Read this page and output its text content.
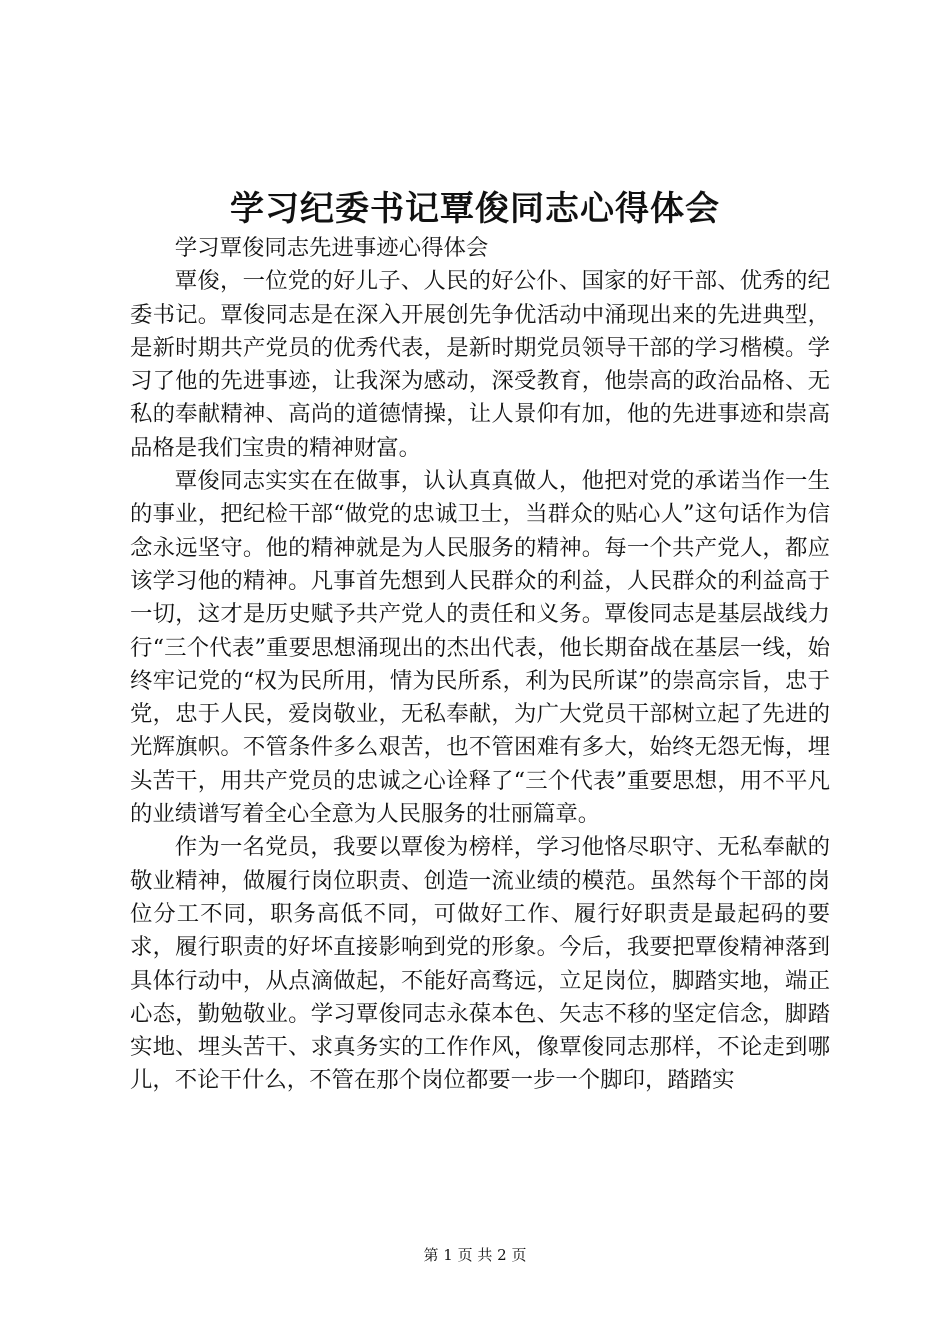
学习纪委书记覃俊同志心得体会

学习覃俊同志先进事迹心得体会

覃俊，一位党的好儿子、人民的好公仆、国家的好干部、优秀的纪委书记。覃俊同志是在深入开展创先争优活动中涌现出来的先进典型，是新时期共产党员的优秀代表，是新时期党员领导干部的学习楷模。学习了他的先进事迹，让我深为感动，深受教育，他崇高的政治品格、无私的奉献精神、高尚的道德情操，让人景仰有加，他的先进事迹和崇高品格是我们宝贵的精神财富。

覃俊同志实实在在做事，认认真真做人，他把对党的承诺当作一生的事业，把纪检干部“做党的忠诚卫士，当群众的贴心人”这句话作为信念永远坚守。他的精神就是为人民服务的精神。每一个共产党人，都应该学习他的精神。凡事首先想到人民群众的利益，人民群众的利益高于一切，这才是历史赋予共产党人的责任和义务。覃俊同志是基层战线力行“三个代表”重要思想涌现出的杰出代表，他长期奋战在基层一线，始终牢记党的“权为民所用，情为民所系，利为民所谋”的崇高宗旨，忠于党，忠于人民，爱岗敬业，无私奉献，为广大党员干部树立起了先进的光辉旗帜。不管条件多么艰苦，也不管困难有多大，始终无怨无悔，埋头苦干，用共产党员的忠诚之心诠释了“三个代表”重要思想，用不平凡的业绩谱写着全心全意为人民服务的壮丽篇章。

作为一名党员，我要以覃俊为榜样，学习他恪尽职守、无私奉献的敬业精神，做履行岗位职责、创造一流业绩的模范。虽然每个干部的岗位分工不同，职务高低不同，可做好工作、履行好职责是最起码的要求，履行职责的好坏直接影响到党的形象。今后，我要把覃俊精神落到具体行动中，从点滴做起，不能好高骛远，立足岗位，脚踏实地，端正心态，勤勉敬业。学习覃俊同志永葆本色、矢志不移的坚定信念，脚踏实地、埋头苦干、求真务实的工作作风，像覃俊同志那样，不论走到哪儿，不论干什么，不管在那个岗位都要一步一个脚印，踏踏实

第 1 页 共 2 页
